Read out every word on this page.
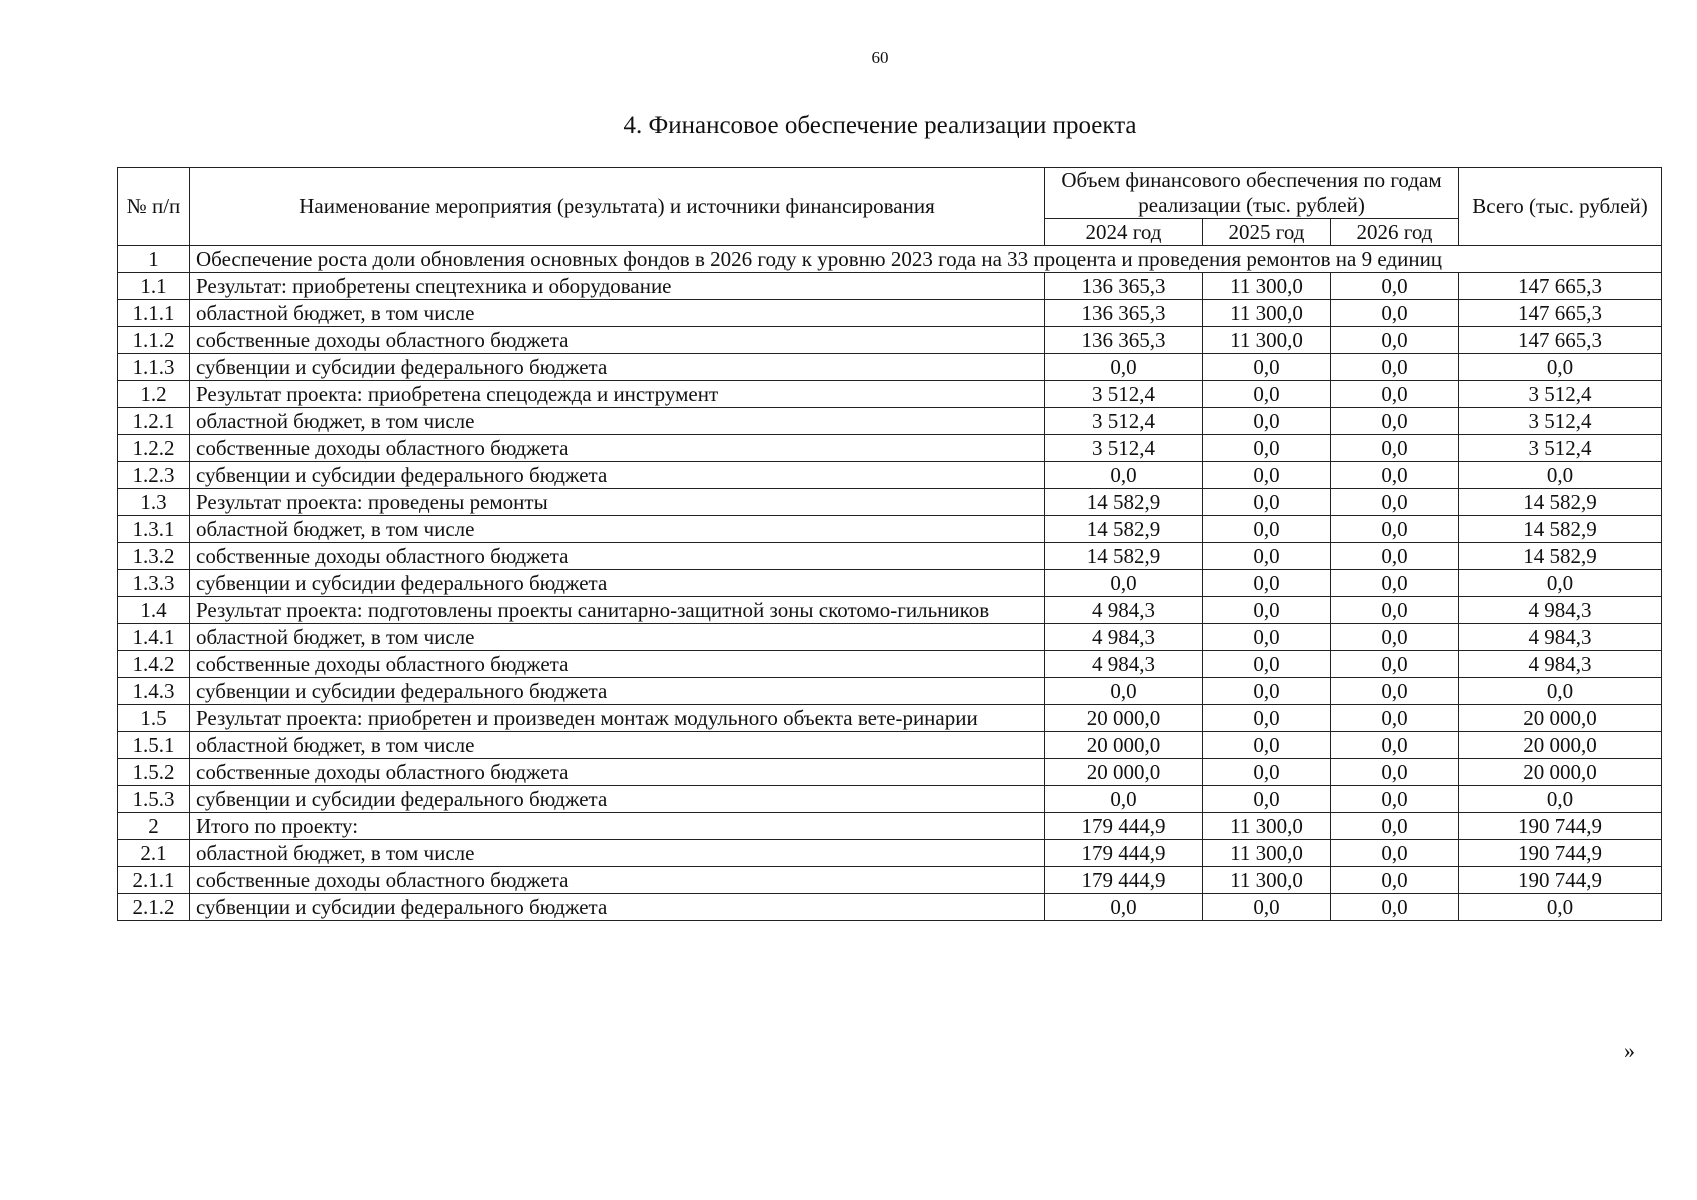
60
4. Финансовое обеспечение реализации проекта
№ п/п	Наименование мероприятия (результата) и источники финансирования	Объем финансового обеспечения по годам реализации (тыс. рублей)			Всего (тыс. рублей)
		2024 год	2025 год	2026 год	
1	Обеспечение роста доли обновления основных фондов в 2026 году к уровню 2023 года на 33 процента и проведения ремонтов на 9 единиц				
1.1	Результат: приобретены спецтехника и оборудование	136 365,3	11 300,0	0,0	147 665,3
1.1.1	областной бюджет, в том числе	136 365,3	11 300,0	0,0	147 665,3
1.1.2	собственные доходы областного бюджета	136 365,3	11 300,0	0,0	147 665,3
1.1.3	субвенции и субсидии федерального бюджета	0,0	0,0	0,0	0,0
1.2	Результат проекта: приобретена спецодежда и инструмент	3 512,4	0,0	0,0	3 512,4
1.2.1	областной бюджет, в том числе	3 512,4	0,0	0,0	3 512,4
1.2.2	собственные доходы областного бюджета	3 512,4	0,0	0,0	3 512,4
1.2.3	субвенции и субсидии федерального бюджета	0,0	0,0	0,0	0,0
1.3	Результат проекта: проведены ремонты	14 582,9	0,0	0,0	14 582,9
1.3.1	областной бюджет, в том числе	14 582,9	0,0	0,0	14 582,9
1.3.2	собственные доходы областного бюджета	14 582,9	0,0	0,0	14 582,9
1.3.3	субвенции и субсидии федерального бюджета	0,0	0,0	0,0	0,0
1.4	Результат проекта: подготовлены проекты санитарно-защитной зоны скотомо-гильников	4 984,3	0,0	0,0	4 984,3
1.4.1	областной бюджет, в том числе	4 984,3	0,0	0,0	4 984,3
1.4.2	собственные доходы областного бюджета	4 984,3	0,0	0,0	4 984,3
1.4.3	субвенции и субсидии федерального бюджета	0,0	0,0	0,0	0,0
1.5	Результат проекта: приобретен и произведен монтаж модульного объекта вете-ринарии	20 000,0	0,0	0,0	20 000,0
1.5.1	областной бюджет, в том числе	20 000,0	0,0	0,0	20 000,0
1.5.2	собственные доходы областного бюджета	20 000,0	0,0	0,0	20 000,0
1.5.3	субвенции и субсидии федерального бюджета	0,0	0,0	0,0	0,0
2	Итого по проекту:	179 444,9	11 300,0	0,0	190 744,9
2.1	областной бюджет, в том числе	179 444,9	11 300,0	0,0	190 744,9
2.1.1	собственные доходы областного бюджета	179 444,9	11 300,0	0,0	190 744,9
2.1.2	субвенции и субсидии федерального бюджета	0,0	0,0	0,0	0,0
»
